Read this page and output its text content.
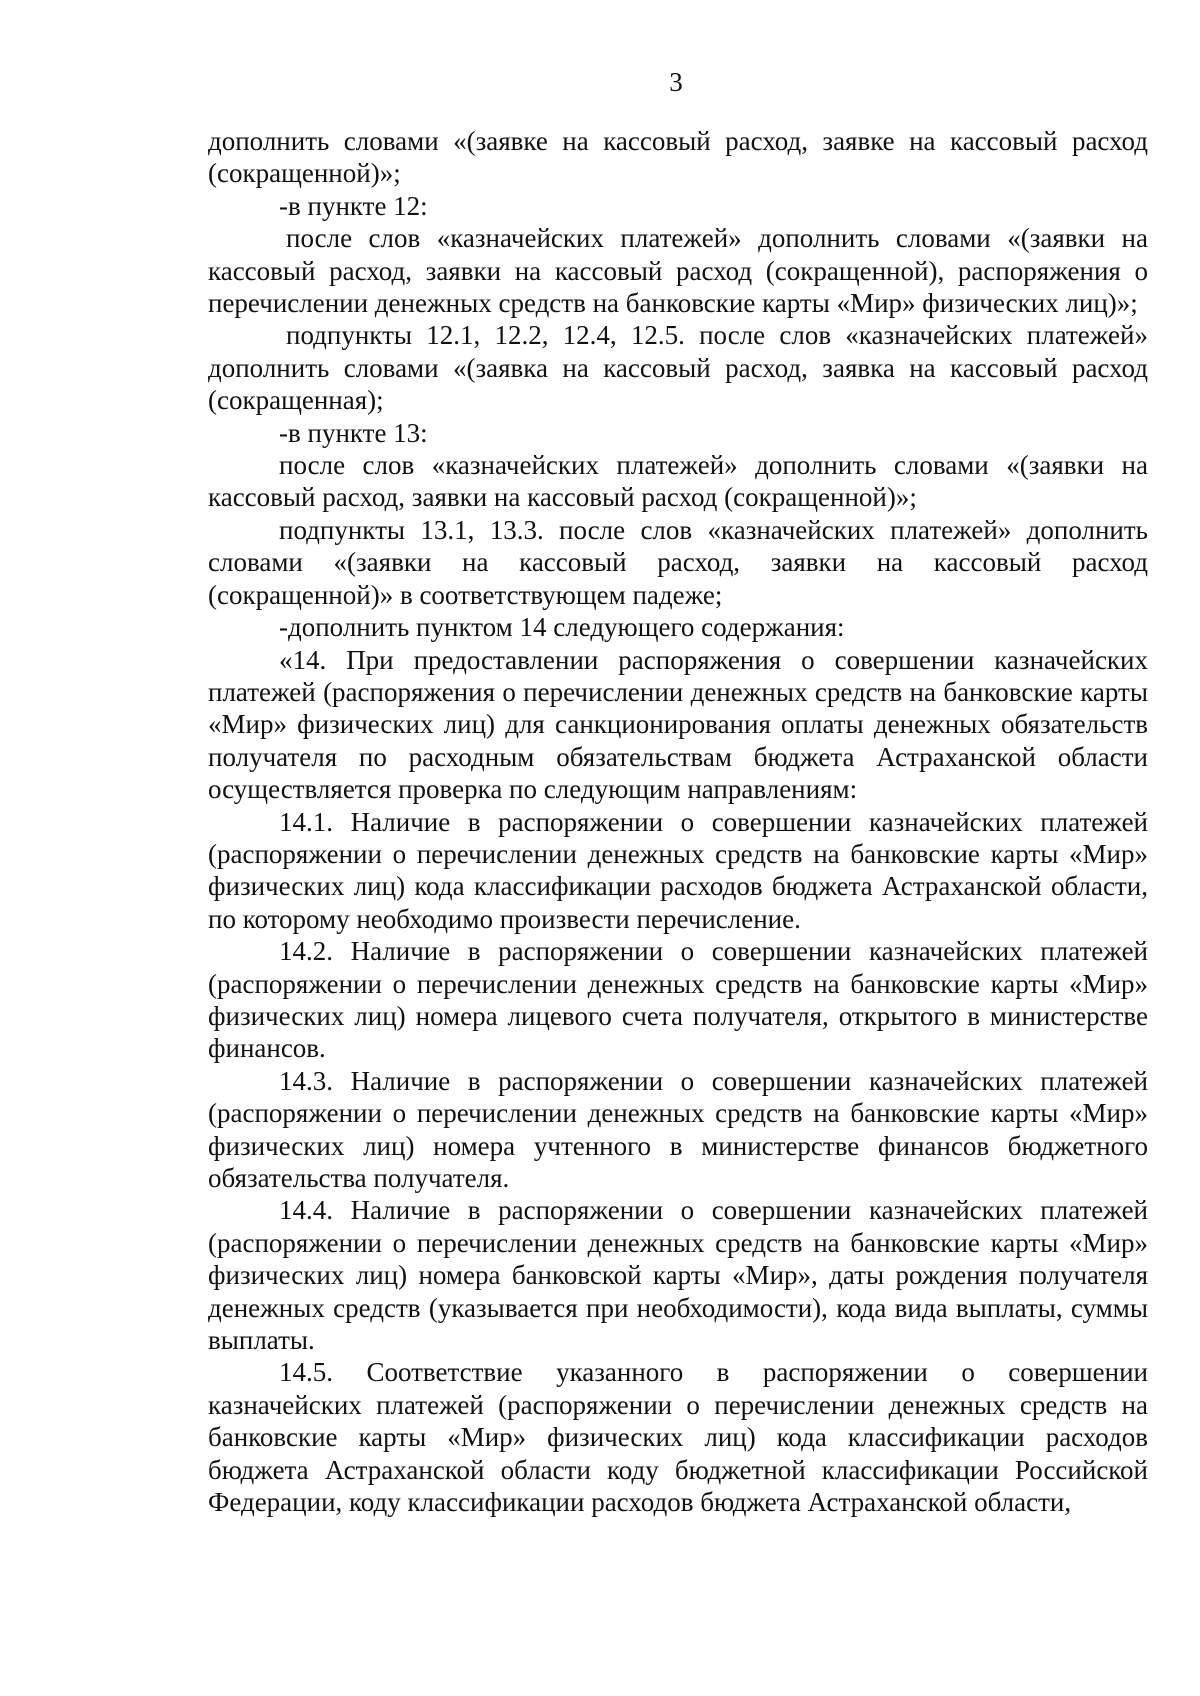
3

дополнить словами «(заявке на кассовый расход, заявке на кассовый расход (сокращенной)»;

-в пункте 12:

после слов «казначейских платежей» дополнить словами «(заявки на кассовый расход, заявки на кассовый расход (сокращенной), распоряжения о перечислении денежных средств на банковские карты «Мир» физических лиц)»;

подпункты 12.1, 12.2, 12.4, 12.5. после слов «казначейских платежей» дополнить словами «(заявка на кассовый расход, заявка на кассовый расход (сокращенная);

-в пункте 13:

после слов «казначейских платежей» дополнить словами «(заявки на кассовый расход, заявки на кассовый расход (сокращенной)»;

подпункты 13.1, 13.3. после слов «казначейских платежей» дополнить словами «(заявки на кассовый расход, заявки на кассовый расход (сокращенной)» в соответствующем падеже;

-дополнить пунктом 14 следующего содержания:

«14. При предоставлении распоряжения о совершении казначейских платежей (распоряжения о перечислении денежных средств на банковские карты «Мир» физических лиц) для санкционирования оплаты денежных обязательств получателя по расходным обязательствам бюджета Астраханской области осуществляется проверка по следующим направлениям:

14.1. Наличие в распоряжении о совершении казначейских платежей (распоряжении о перечислении денежных средств на банковские карты «Мир» физических лиц) кода классификации расходов бюджета Астраханской области, по которому необходимо произвести перечисление.

14.2. Наличие в распоряжении о совершении казначейских платежей (распоряжении о перечислении денежных средств на банковские карты «Мир» физических лиц) номера лицевого счета получателя, открытого в министерстве финансов.

14.3. Наличие в распоряжении о совершении казначейских платежей (распоряжении о перечислении денежных средств на банковские карты «Мир» физических лиц) номера учтенного в министерстве финансов бюджетного обязательства получателя.

14.4. Наличие в распоряжении о совершении казначейских платежей (распоряжении о перечислении денежных средств на банковские карты «Мир» физических лиц) номера банковской карты «Мир», даты рождения получателя денежных средств (указывается при необходимости), кода вида выплаты, суммы выплаты.

14.5. Соответствие указанного в распоряжении о совершении казначейских платежей (распоряжении о перечислении денежных средств на банковские карты «Мир» физических лиц) кода классификации расходов бюджета Астраханской области коду бюджетной классификации Российской Федерации, коду классификации расходов бюджета Астраханской области,
